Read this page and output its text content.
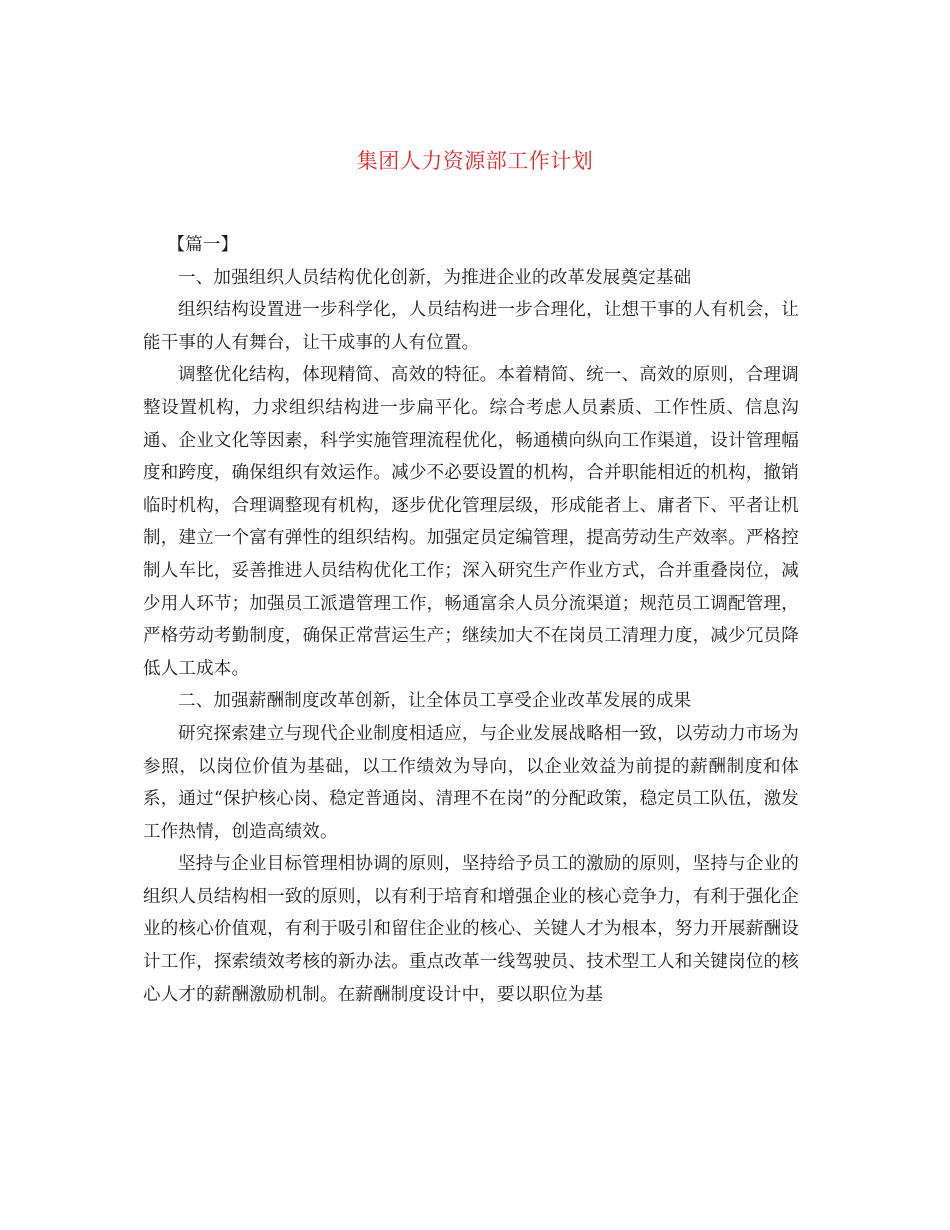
集团人力资源部工作计划

【篇一】

一、加强组织人员结构优化创新，为推进企业的改革发展奠定基础

组织结构设置进一步科学化，人员结构进一步合理化，让想干事的人有机会，让能干事的人有舞台，让干成事的人有位置。

调整优化结构，体现精简、高效的特征。本着精简、统一、高效的原则，合理调整设置机构，力求组织结构进一步扁平化。综合考虑人员素质、工作性质、信息沟通、企业文化等因素，科学实施管理流程优化，畅通横向纵向工作渠道，设计管理幅度和跨度，确保组织有效运作。减少不必要设置的机构，合并职能相近的机构，撤销临时机构，合理调整现有机构，逐步优化管理层级，形成能者上、庸者下、平者让机制，建立一个富有弹性的组织结构。加强定员定编管理，提高劳动生产效率。严格控制人车比，妥善推进人员结构优化工作；深入研究生产作业方式，合并重叠岗位，减少用人环节；加强员工派遣管理工作，畅通富余人员分流渠道；规范员工调配管理，严格劳动考勤制度，确保正常营运生产；继续加大不在岗员工清理力度，减少冗员降低人工成本。

二、加强薪酬制度改革创新，让全体员工享受企业改革发展的成果

研究探索建立与现代企业制度相适应，与企业发展战略相一致，以劳动力市场为参照，以岗位价值为基础，以工作绩效为导向，以企业效益为前提的薪酬制度和体系，通过“保护核心岗、稳定普通岗、清理不在岗”的分配政策，稳定员工队伍，激发工作热情，创造高绩效。

坚持与企业目标管理相协调的原则，坚持给予员工的激励的原则，坚持与企业的组织人员结构相一致的原则，以有利于培育和增强企业的核心竞争力，有利于强化企业的核心价值观，有利于吸引和留住企业的核心、关键人才为根本，努力开展薪酬设计工作，探索绩效考核的新办法。重点改革一线驾驶员、技术型工人和关键岗位的核心人才的薪酬激励机制。在薪酬制度设计中，要以职位为基
